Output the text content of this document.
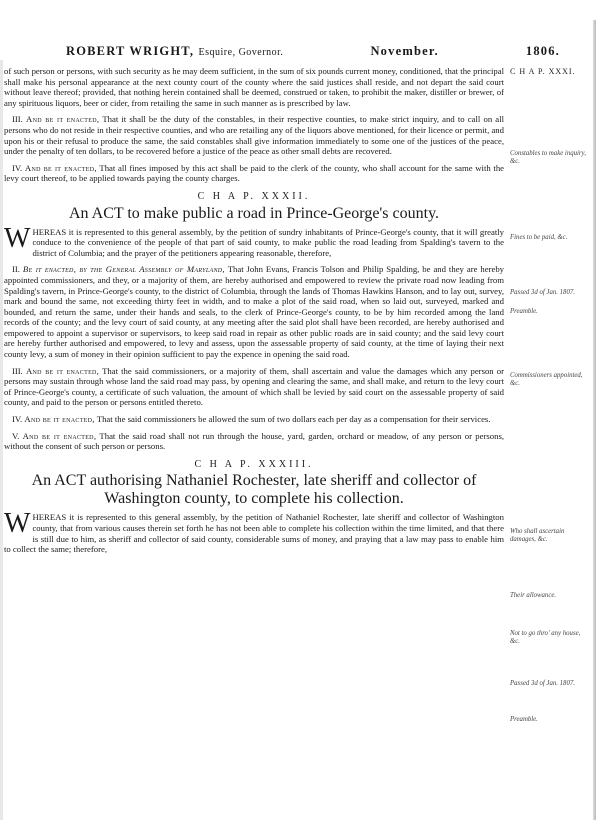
ROBERT WRIGHT, Esquire, Governor.	November.	1806.

of such person or persons, with such security as he may deem sufficient, in the sum of six pounds current money, conditioned, that the principal shall make his personal appearance at the next county court of the county where the said justices shall reside, and not depart the said court without leave thereof; provided, that nothing herein contained shall be deemed, construed or taken, to prohibit the maker, distiller or brewer, of any spirituous liquors, beer or cider, from retailing the same in such manner as is prescribed by law.

III. And be it enacted, That it shall be the duty of the constables, in their respective counties, to make strict inquiry, and to call on all persons who do not reside in their respective counties, and who are retailing any of the liquors above mentioned, for their licence or permit, and upon his or their refusal to produce the same, the said constables shall give information immediately to some one of the justices of the peace, under the penalty of ten dollars, to be recovered before a justice of the peace as other small debts are recovered.

IV. And be it enacted, That all fines imposed by this act shall be paid to the clerk of the county, who shall account for the same with the levy court thereof, to be applied towards paying the county charges.

C H A P. XXXII.
An ACT to make public a road in Prince-George's county.

W HEREAS it is represented to this general assembly, by the petition of sundry inhabitants of Prince-George's county, that it will greatly conduce to the convenience of the people of that part of said county, to make public the road leading from Spalding's tavern to the district of Columbia; and the prayer of the petitioners appearing reasonable, therefore,

II. Be it enacted, by the General Assembly of Maryland, That John Evans, Francis Tolson and Philip Spalding, be and they are hereby appointed commissioners, and they, or a majority of them, are hereby authorised and empowered to review the private road now leading from Spalding's tavern, in Prince-George's county, to the district of Columbia, through the lands of Thomas Hawkins Hanson, and to lay out, survey, mark and bound the same, not exceeding thirty feet in width, and to make a plot of the said road, when so laid out, surveyed, marked and bounded, and return the same, under their hands and seals, to the clerk of Prince-George's county, to be by him recorded among the land records of the county; and the levy court of said county, at any meeting after the said plot shall have been recorded, are hereby authorised and empowered to appoint a supervisor or supervisors, to keep said road in repair as other public roads are in said county; and the said levy court are hereby further authorised and empowered, to levy and assess, upon the assessable property of said county, at the time of laying their next county levy, a sum of money in their opinion sufficient to pay the expence in opening the said road.

III. And be it enacted, That the said commissioners, or a majority of them, shall ascertain and value the damages which any person or persons may sustain through whose land the said road may pass, by opening and clearing the same, and shall make, and return to the levy court of Prince-George's county, a certificate of such valuation, the amount of which shall be levied by said court on the assessable property of said county, and paid to the person or persons entitled thereto.

IV. And be it enacted, That the said commissioners be allowed the sum of two dollars each per day as a compensation for their services.

V. And be it enacted, That the said road shall not run through the house, yard, garden, orchard or meadow, of any person or persons, without the consent of such person or persons.

C H A P. XXXIII.
An ACT authorising Nathaniel Rochester, late sheriff and collector of Washington county, to complete his collection.

W HEREAS it is represented to this general assembly, by the petition of Nathaniel Rochester, late sheriff and collector of Washington county, that from various causes therein set forth he has not been able to complete his collection within the time limited, and that there is still due to him, as sheriff and collector of said county, considerable sums of money, and praying that a law may pass to enable him to collect the same; therefore,

C H A P. XXXI.
Constables to make inquiry, &c.
Fines to be paid, &c.
Passed 3d of Jan. 1807.
Preamble.
Commissioners appointed, &c.
Who shall ascertain damages, &c.
Their allowance.
Not to go thro' any house, &c.
Passed 3d of Jan. 1807.
Preamble.
